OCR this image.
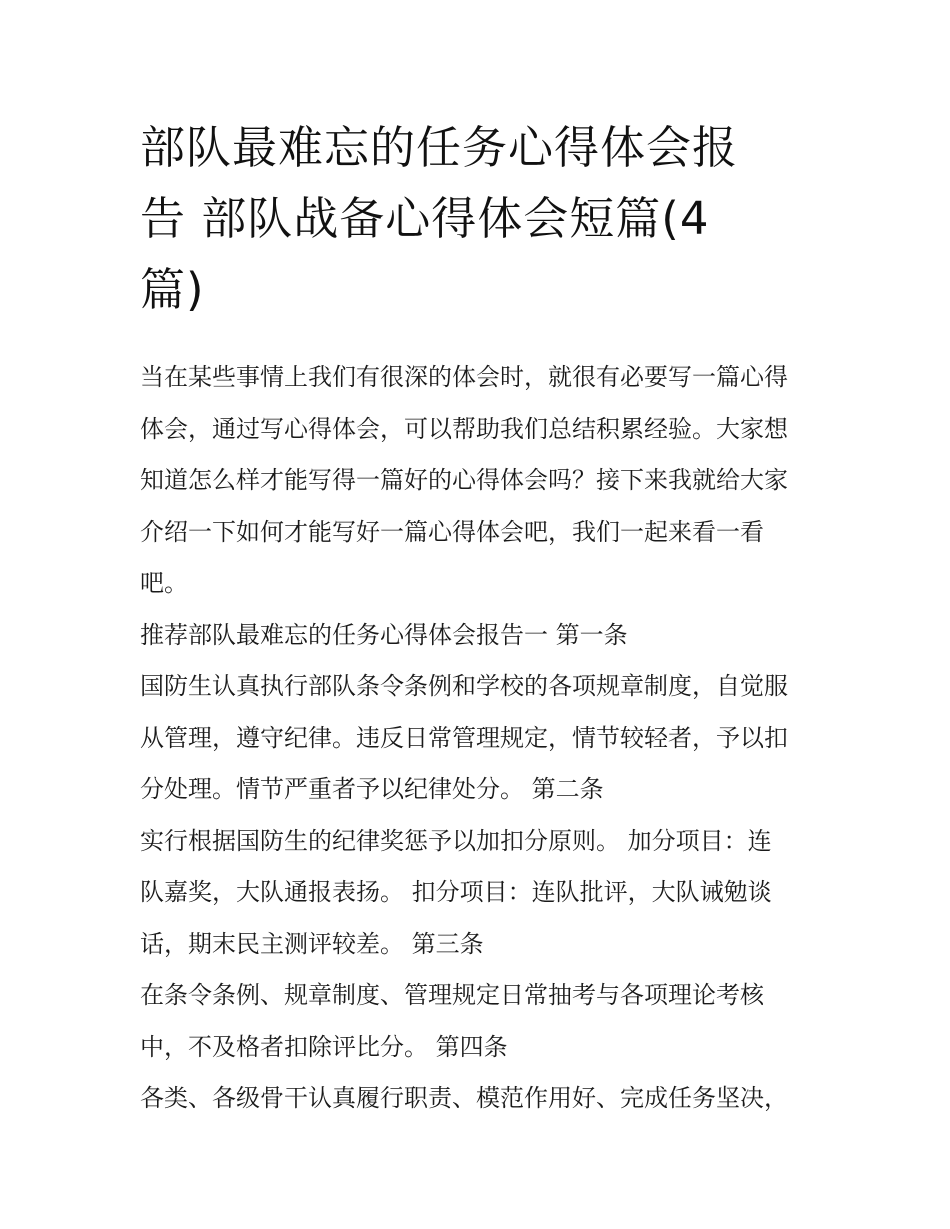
部队最难忘的任务心得体会报
告 部队战备心得体会短篇(4
篇)
当在某些事情上我们有很深的体会时，就很有必要写一篇心得
体会，通过写心得体会，可以帮助我们总结积累经验。大家想
知道怎么样才能写得一篇好的心得体会吗？接下来我就给大家
介绍一下如何才能写好一篇心得体会吧，我们一起来看一看
吧。
推荐部队最难忘的任务心得体会报告一 第一条
国防生认真执行部队条令条例和学校的各项规章制度，自觉服
从管理，遵守纪律。违反日常管理规定，情节较轻者，予以扣
分处理。情节严重者予以纪律处分。 第二条
实行根据国防生的纪律奖惩予以加扣分原则。 加分项目：连
队嘉奖，大队通报表扬。 扣分项目：连队批评，大队诫勉谈
话，期末民主测评较差。 第三条
在条令条例、规章制度、管理规定日常抽考与各项理论考核
中，不及格者扣除评比分。 第四条
各类、各级骨干认真履行职责、模范作用好、完成任务坚决，
